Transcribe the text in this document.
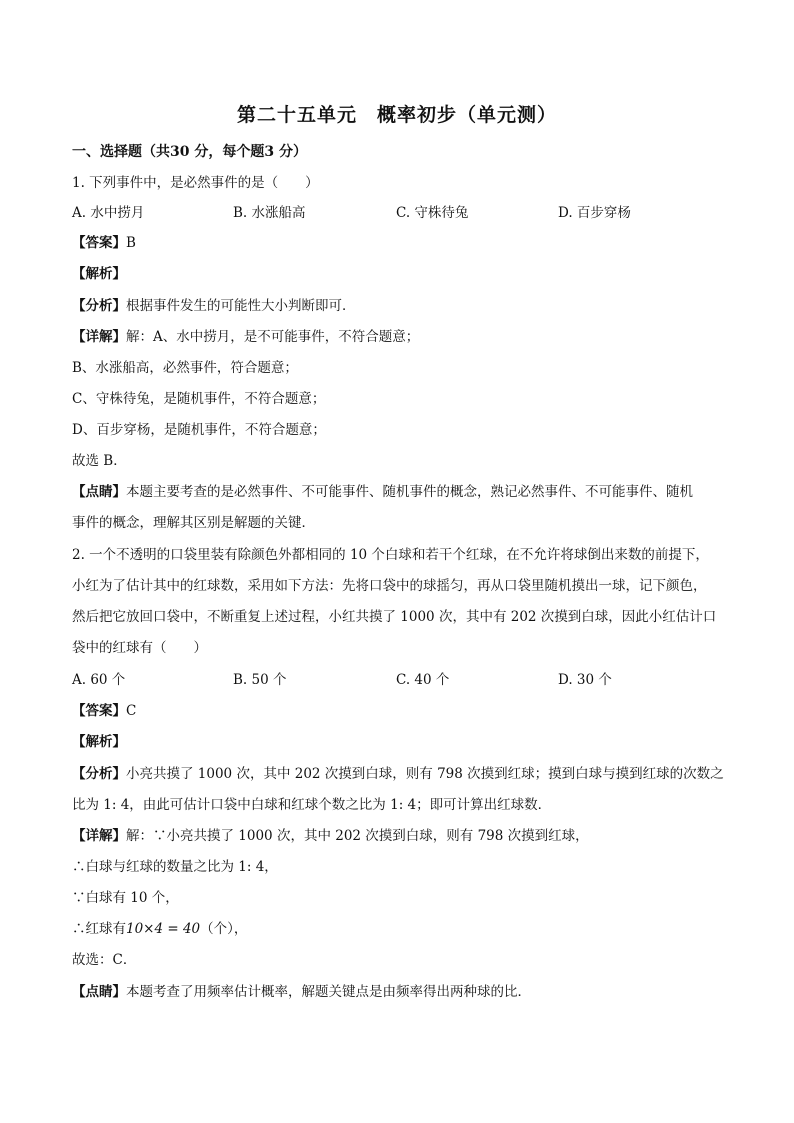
第二十五单元　概率初步（单元测）
一、选择题（共30 分，每个题3 分）
1. 下列事件中，是必然事件的是（　　）
A. 水中捞月	B. 水涨船高	C. 守株待兔	D. 百步穿杨
【答案】B
【解析】
【分析】根据事件发生的可能性大小判断即可．
【详解】解：A、水中捞月，是不可能事件，不符合题意；
B、水涨船高，必然事件，符合题意；
C、守株待兔，是随机事件，不符合题意；
D、百步穿杨，是随机事件，不符合题意；
故选 B．
【点睛】本题主要考查的是必然事件、不可能事件、随机事件的概念，熟记必然事件、不可能事件、随机
事件的概念，理解其区别是解题的关键．
2. 一个不透明的口袋里装有除颜色外都相同的 10 个白球和若干个红球，在不允许将球倒出来数的前提下，
小红为了估计其中的红球数，采用如下方法：先将口袋中的球摇匀，再从口袋里随机摸出一球，记下颜色，
然后把它放回口袋中，不断重复上述过程，小红共摸了 1000 次，其中有 202 次摸到白球，因此小红估计口
袋中的红球有（　　）
A. 60 个	B. 50 个	C. 40 个	D. 30 个
【答案】C
【解析】
【分析】小亮共摸了 1000 次，其中 202 次摸到白球，则有 798 次摸到红球；摸到白球与摸到红球的次数之
比为 1: 4，由此可估计口袋中白球和红球个数之比为 1: 4；即可计算出红球数．
【详解】解：∵小亮共摸了 1000 次，其中 202 次摸到白球，则有 798 次摸到红球，
∴白球与红球的数量之比为 1: 4，
∵白球有 10 个，
∴红球有10×4 = 40（个），
故选：C．
【点睛】本题考查了用频率估计概率，解题关键点是由频率得出两种球的比．
